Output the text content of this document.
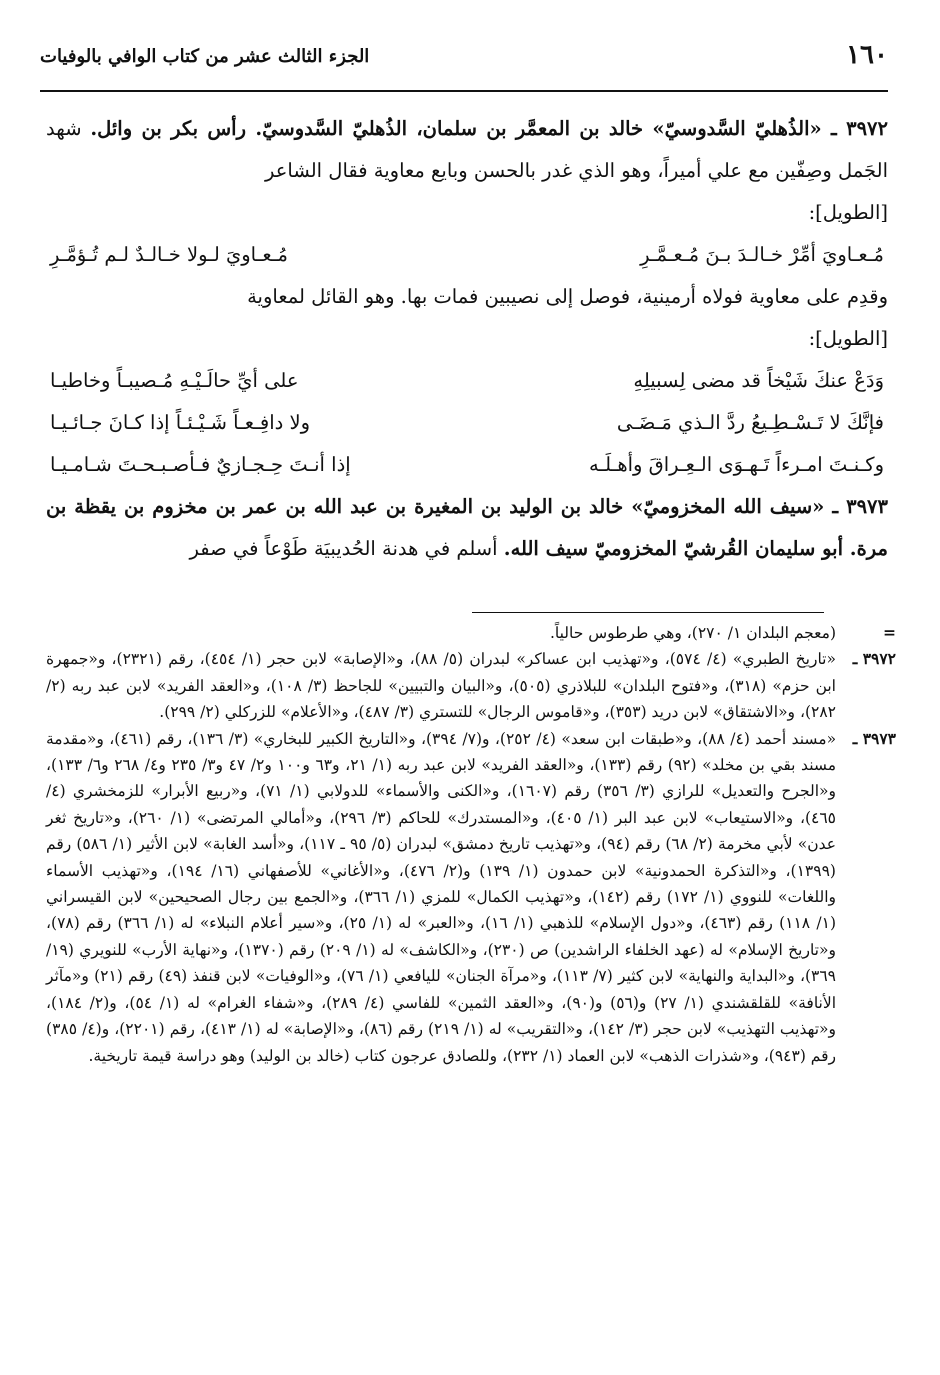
١٦٠
الجزء الثالث عشر من كتاب الوافي بالوفيات

٣٩٧٢ ـ «الذُهليّ السَّدوسيّ» خالد بن المعمَّر بن سلمان، الذُهليّ السَّدوسيّ. رأس بكر بن وائل. شهد الجَمل وصِفّين مع علي أميراً، وهو الذي غدر بالحسن وبايع معاوية فقال الشاعر

[الطويل]:
مُـعـاويَ أمِّرْ خـالـدَ بـنَ مُـعـمَّـرِ
مُـعـاويَ لـولا خـالـدٌ لـم تُـؤمَّـرِ

وقدِم على معاوية فولاه أرمينية، فوصل إلى نصيبين فمات بها. وهو القائل لمعاوية

[الطويل]:
وَدَعْ عنكَ شَيْخاً قد مضى لِسبيلِهِ
على أيِّ حالَـيْـهِ مُـصيبـاً وخاطيـا
فإنَّكَ لا تَـسْـطِـيعُ ردَّ الـذي مَـضَـى
ولا دافِـعـاً شَـيْـئـاً إذا كـانَ جـائـيـا
وكـنـتَ امـرءاً تَـهـوَى الـعِـراقَ وأهـلَـه
إذا أنـتَ حِـجـازيٌ فـأصـبـحـتَ شـامـيـا

٣٩٧٣ ـ «سيف الله المخزوميّ» خالد بن الوليد بن المغيرة بن عبد الله بن عمر بن مخزوم بن يقظة بن مرة. أبو سليمان القُرشيّ المخزوميّ سيف الله. أسلم في هدنة الحُديبيَة طَوْعاً في صفر

=
(معجم البلدان ١/ ٢٧٠)، وهي طرطوس حالياً.
٣٩٧٢ ـ
«تاريخ الطبري» (٤/ ٥٧٤)، و«تهذيب ابن عساكر» لبدران (٥/ ٨٨)، و«الإصابة» لابن حجر (١/ ٤٥٤)، رقم (٢٣٢١)، و«جمهرة ابن حزم» (٣١٨)، و«فتوح البلدان» للبلاذري (٥٠٥)، و«البيان والتبيين» للجاحظ (٣/ ١٠٨)، و«العقد الفريد» لابن عبد ربه (٢/ ٢٨٢)، و«الاشتقاق» لابن دريد (٣٥٣)، و«قاموس الرجال» للتستري (٣/ ٤٨٧)، و«الأعلام» للزركلي (٢/ ٢٩٩).
٣٩٧٣ ـ
«مسند أحمد (٤/ ٨٨)، و«طبقات ابن سعد» (٤/ ٢٥٢)، و(٧/ ٣٩٤)، و«التاريخ الكبير للبخاري» (٣/ ١٣٦)، رقم (٤٦١)، و«مقدمة مسند بقي بن مخلد» (٩٢) رقم (١٣٣)، و«العقد الفريد» لابن عبد ربه (١/ ٢١، و٦٣ و١٠٠ و٢/ ٤٧ و٣/ ٢٣٥ و٤/ ٢٦٨ و٦/ ١٣٣)، و«الجرح والتعديل» للرازي (٣/ ٣٥٦) رقم (١٦٠٧)، و«الكنى والأسماء» للدولابي (١/ ٧١)، و«ربيع الأبرار» للزمخشري (٤/ ٤٦٥)، و«الاستيعاب» لابن عبد البر (١/ ٤٠٥)، و«المستدرك» للحاكم (٣/ ٢٩٦)، و«أمالي المرتضى» (١/ ٢٦٠)، و«تاريخ ثغر عدن» لأبي مخرمة (٢/ ٦٨) رقم (٩٤)، و«تهذيب تاريخ دمشق» لبدران (٥/ ٩٥ ـ ١١٧)، و«أسد الغابة» لابن الأثير (١/ ٥٨٦) رقم (١٣٩٩)، و«التذكرة الحمدونية» لابن حمدون (١/ ١٣٩) و(٢/ ٤٧٦)، و«الأغاني» للأصفهاني (١٦/ ١٩٤)، و«تهذيب الأسماء واللغات» للنووي (١/ ١٧٢) رقم (١٤٢)، و«تهذيب الكمال» للمزي (١/ ٣٦٦)، و«الجمع بين رجال الصحيحين» لابن القيسراني (١/ ١١٨) رقم (٤٦٣)، و«دول الإسلام» للذهبي (١/ ١٦)، و«العبر» له (١/ ٢٥)، و«سير أعلام النبلاء» له (١/ ٣٦٦) رقم (٧٨)، و«تاريخ الإسلام» له (عهد الخلفاء الراشدين) ص (٢٣٠)، و«الكاشف» له (١/ ٢٠٩) رقم (١٣٧٠)، و«نهاية الأرب» للنويري (١٩/ ٣٦٩)، و«البداية والنهاية» لابن كثير (٧/ ١١٣)، و«مرآة الجنان» لليافعي (١/ ٧٦)، و«الوفيات» لابن قنفذ (٤٩) رقم (٢١) و«مآثر الأنافة» للقلقشندي (١/ ٢٧) و(٥٦) و(٩٠)، و«العقد الثمين» للفاسي (٤/ ٢٨٩)، و«شفاء الغرام» له (١/ ٥٤)، و(٢/ ١٨٤)، و«تهذيب التهذيب» لابن حجر (٣/ ١٤٢)، و«التقريب» له (١/ ٢١٩) رقم (٨٦)، و«الإصابة» له (١/ ٤١٣)، رقم (٢٢٠١)، و(٤/ ٣٨٥) رقم (٩٤٣)، و«شذرات الذهب» لابن العماد (١/ ٢٣٢)، وللصادق عرجون كتاب (خالد بن الوليد) وهو دراسة قيمة تاريخية.
